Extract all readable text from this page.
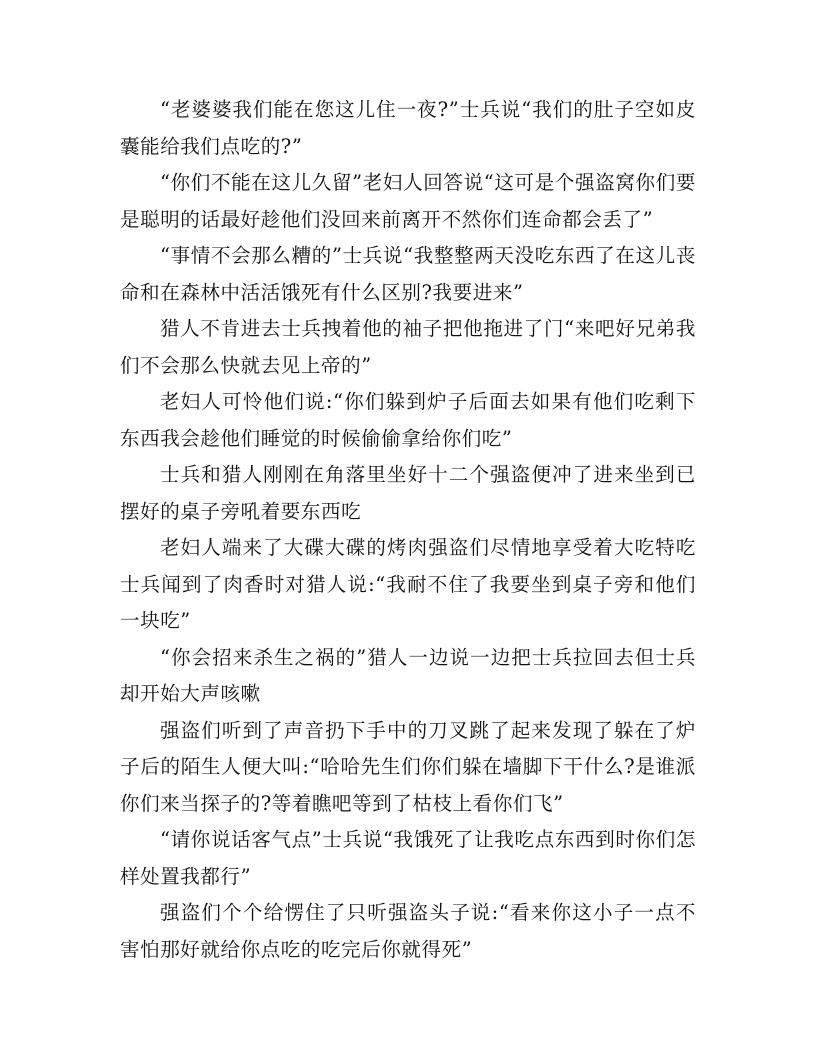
“老婆婆我们能在您这儿住一夜?”士兵说“我们的肚子空如皮囊能给我们点吃的?”

“你们不能在这儿久留”老妇人回答说“这可是个强盗窝你们要是聪明的话最好趁他们没回来前离开不然你们连命都会丢了”

“事情不会那么糟的”士兵说“我整整两天没吃东西了在这儿丧命和在森林中活活饿死有什么区别?我要进来”

猎人不肯进去士兵拽着他的袖子把他拖进了门“来吧好兄弟我们不会那么快就去见上帝的”

老妇人可怜他们说:“你们躲到炉子后面去如果有他们吃剩下东西我会趁他们睡觉的时候偷偷拿给你们吃”

士兵和猎人刚刚在角落里坐好十二个强盗便冲了进来坐到已摆好的桌子旁吼着要东西吃

老妇人端来了大碟大碟的烤肉强盗们尽情地享受着大吃特吃士兵闻到了肉香时对猎人说:“我耐不住了我要坐到桌子旁和他们一块吃”

“你会招来杀生之祸的”猎人一边说一边把士兵拉回去但士兵却开始大声咳嗽

强盗们听到了声音扔下手中的刀叉跳了起来发现了躲在了炉子后的陌生人便大叫:“哈哈先生们你们躲在墙脚下干什么?是谁派你们来当探子的?等着瞧吧等到了枯枝上看你们飞”

“请你说话客气点”士兵说“我饿死了让我吃点东西到时你们怎样处置我都行”

强盗们个个给愣住了只听强盗头子说:“看来你这小子一点不害怕那好就给你点吃的吃完后你就得死”
